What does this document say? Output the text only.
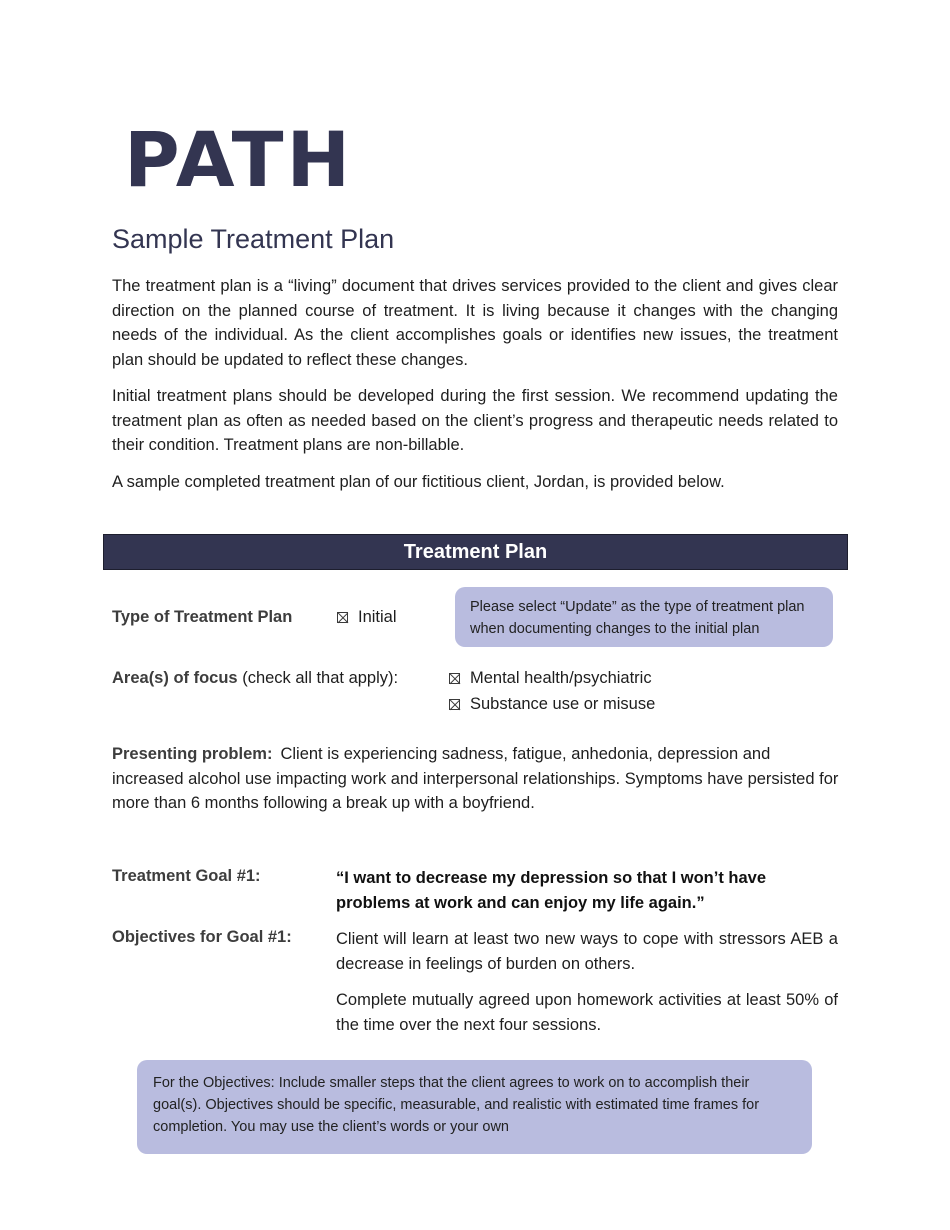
PATH
Sample Treatment Plan

The treatment plan is a “living” document that drives services provided to the client and gives clear direction on the planned course of treatment. It is living because it changes with the changing needs of the individual. As the client accomplishes goals or identifies new issues, the treatment plan should be updated to reflect these changes.

Initial treatment plans should be developed during the first session. We recommend updating the treatment plan as often as needed based on the client’s progress and therapeutic needs related to their condition. Treatment plans are non-billable.

A sample completed treatment plan of our fictitious client, Jordan, is provided below.

Treatment Plan
Type of Treatment Plan	Initial
Please select “Update” as the type of treatment plan when documenting changes to the initial plan
Area(s) of focus (check all that apply):	Mental health/psychiatric
Substance use or misuse
Presenting problem: Client is experiencing sadness, fatigue, anhedonia, depression and increased alcohol use impacting work and interpersonal relationships. Symptoms have persisted for more than 6 months following a break up with a boyfriend.
Treatment Goal #1:	“I want to decrease my depression so that I won’t have problems at work and can enjoy my life again.”
Objectives for Goal #1:	Client will learn at least two new ways to cope with stressors AEB a decrease in feelings of burden on others.

Complete mutually agreed upon homework activities at least 50% of the time over the next four sessions.

For the Objectives: Include smaller steps that the client agrees to work on to accomplish their goal(s). Objectives should be specific, measurable, and realistic with estimated time frames for completion. You may use the client’s words or your own
